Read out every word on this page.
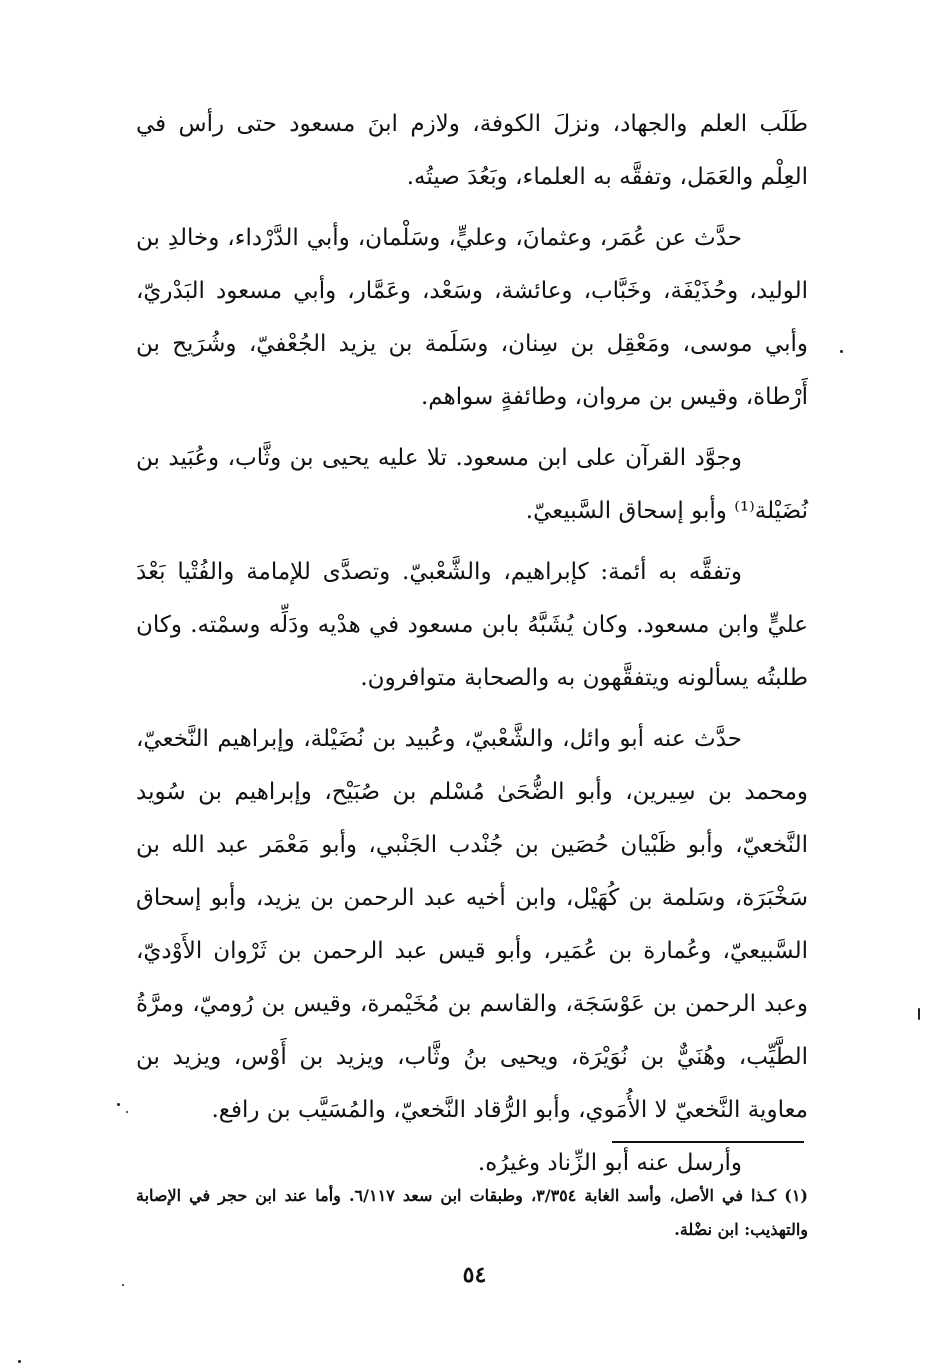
طَلَب العلم والجهاد، ونزلَ الكوفة، ولازم ابنَ مسعود حتى رأس في العِلْم والعَمَل، وتفقَّه به العلماء، وبَعُدَ صيتُه.

حدَّث عن عُمَر، وعثمانَ، وعليٍّ، وسَلْمان، وأبي الدَّرْداء، وخالدِ بن الوليد، وحُذَيْفَة، وخَبَّاب، وعائشة، وسَعْد، وعَمَّار، وأبي مسعود البَدْريّ، وأبي موسى، ومَعْقِل بن سِنان، وسَلَمة بن يزيد الجُعْفيّ، وشُرَيح بن أَرْطاة، وقيس بن مروان، وطائفةٍ سواهم.

وجوَّد القرآن على ابن مسعود. تلا عليه يحيى بن وثَّاب، وعُبَيد بن نُضَيْلة⁽¹⁾ وأبو إسحاق السَّبيعيّ.

وتفقَّه به أئمة: كإبراهيم، والشَّعْبيّ. وتصدَّى للإمامة والفُتْيا بَعْدَ عليٍّ وابن مسعود. وكان يُشَبَّهُ بابن مسعود في هدْيه ودَلِّه وسمْته. وكان طلبتُه يسألونه ويتفقَّهون به والصحابة متوافرون.

حدَّث عنه أبو وائل، والشَّعْبيّ، وعُبيد بن نُضَيْلة، وإبراهيم النَّخعيّ، ومحمد بن سِيرين، وأبو الضُّحَىٰ مُسْلم بن صُبَيْح، وإبراهيم بن سُويد النَّخعيّ، وأبو ظَبْيان حُصَين بن جُنْدب الجَنْبي، وأبو مَعْمَر عبد الله بن سَخْبَرَة، وسَلمة بن كُهَيْل، وابن أخيه عبد الرحمن بن يزيد، وأبو إسحاق السَّبيعيّ، وعُمارة بن عُمَير، وأبو قيس عبد الرحمن بن ثَرْوان الأَوْديّ، وعبد الرحمن بن عَوْسَجَة، والقاسم بن مُخَيْمرة، وقيس بن رُوميّ، ومرَّةُ الطَّيِّب، وهُنَيٌّ بن نُوَيْرَة، ويحيى بنُ وثَّاب، ويزيد بن أَوْس، ويزيد بن معاوية النَّخعيّ لا الأُمَوي، وأبو الرُّقاد النَّخعيّ، والمُسَيَّب بن رافع.

وأرسل عنه أبو الزِّناد وغيرُه.

(١) كـذا في الأصل، وأسد الغابة ٣/٣٥٤، وطبقات ابن سعد ٦/١١٧. وأما عند ابن حجر في الإصابة والتهذيب: ابن نضْلة.

٥٤
